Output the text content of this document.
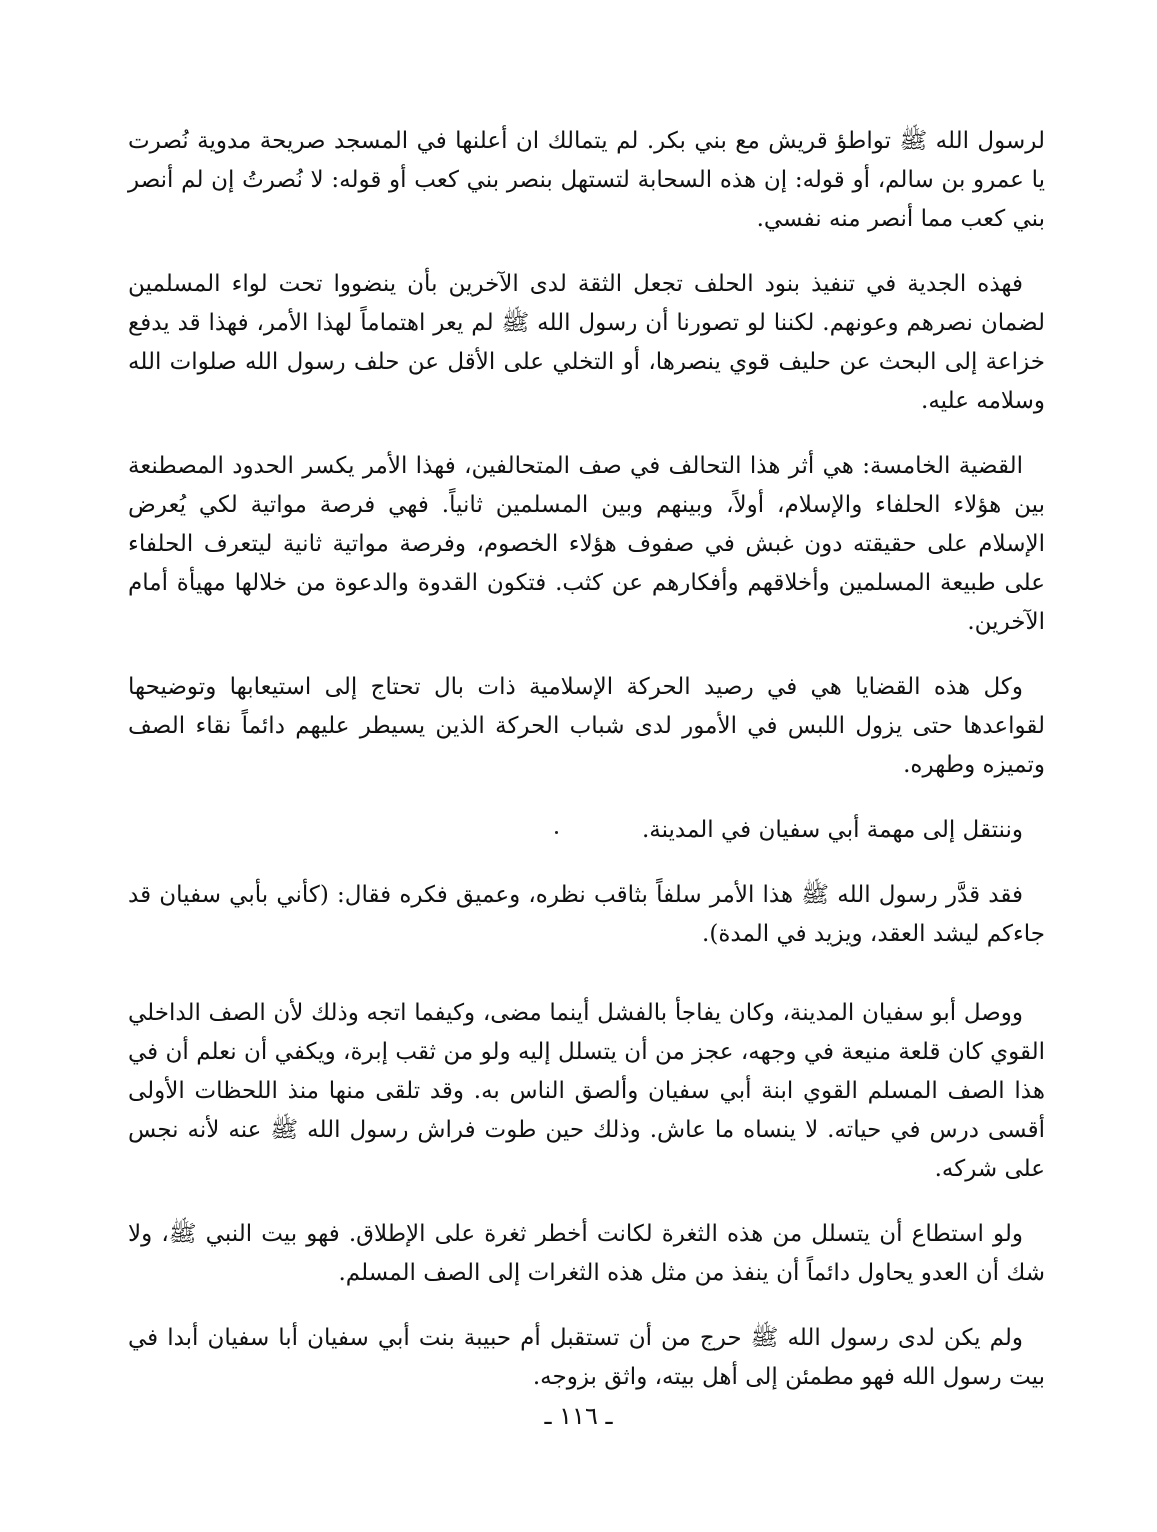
لرسول الله ﷺ تواطؤ قريش مع بني بكر. لم يتمالك ان أعلنها في المسجد صريحة مدوية نُصرت يا عمرو بن سالم، أو قوله: إن هذه السحابة لتستهل بنصر بني كعب أو قوله: لا نُصرتُ إن لم أنصر بني كعب مما أنصر منه نفسي.

فهذه الجدية في تنفيذ بنود الحلف تجعل الثقة لدى الآخرين بأن ينضووا تحت لواء المسلمين لضمان نصرهم وعونهم. لكننا لو تصورنا أن رسول الله ﷺ لم يعر اهتماماً لهذا الأمر، فهذا قد يدفع خزاعة إلى البحث عن حليف قوي ينصرها، أو التخلي على الأقل عن حلف رسول الله صلوات الله وسلامه عليه.

القضية الخامسة: هي أثر هذا التحالف في صف المتحالفين، فهذا الأمر يكسر الحدود المصطنعة بين هؤلاء الحلفاء والإسلام، أولاً، وبينهم وبين المسلمين ثانياً. فهي فرصة مواتية لكي يُعرض الإسلام على حقيقته دون غبش في صفوف هؤلاء الخصوم، وفرصة مواتية ثانية ليتعرف الحلفاء على طبيعة المسلمين وأخلاقهم وأفكارهم عن كثب. فتكون القدوة والدعوة من خلالها مهيأة أمام الآخرين.

وكل هذه القضايا هي في رصيد الحركة الإسلامية ذات بال تحتاج إلى استيعابها وتوضيحها لقواعدها حتى يزول اللبس في الأمور لدى شباب الحركة الذين يسيطر عليهم دائماً نقاء الصف وتميزه وطهره.

وننتقل إلى مهمة أبي سفيان في المدينة.

فقد قدَّر رسول الله ﷺ هذا الأمر سلفاً بثاقب نظره، وعميق فكره فقال: (كأني بأبي سفيان قد جاءكم ليشد العقد، ويزيد في المدة).

ووصل أبو سفيان المدينة، وكان يفاجأ بالفشل أينما مضى، وكيفما اتجه وذلك لأن الصف الداخلي القوي كان قلعة منيعة في وجهه، عجز من أن يتسلل إليه ولو من ثقب إبرة، ويكفي أن نعلم أن في هذا الصف المسلم القوي ابنة أبي سفيان وألصق الناس به. وقد تلقى منها منذ اللحظات الأولى أقسى درس في حياته. لا ينساه ما عاش. وذلك حين طوت فراش رسول الله ﷺ عنه لأنه نجس على شركه.

ولو استطاع أن يتسلل من هذه الثغرة لكانت أخطر ثغرة على الإطلاق. فهو بيت النبي ﷺ، ولا شك أن العدو يحاول دائماً أن ينفذ من مثل هذه الثغرات إلى الصف المسلم.

ولم يكن لدى رسول الله ﷺ حرج من أن تستقبل أم حبيبة بنت أبي سفيان أبا سفيان أبدا في بيت رسول الله فهو مطمئن إلى أهل بيته، واثق بزوجه.

ـ ١١٦ ـ
